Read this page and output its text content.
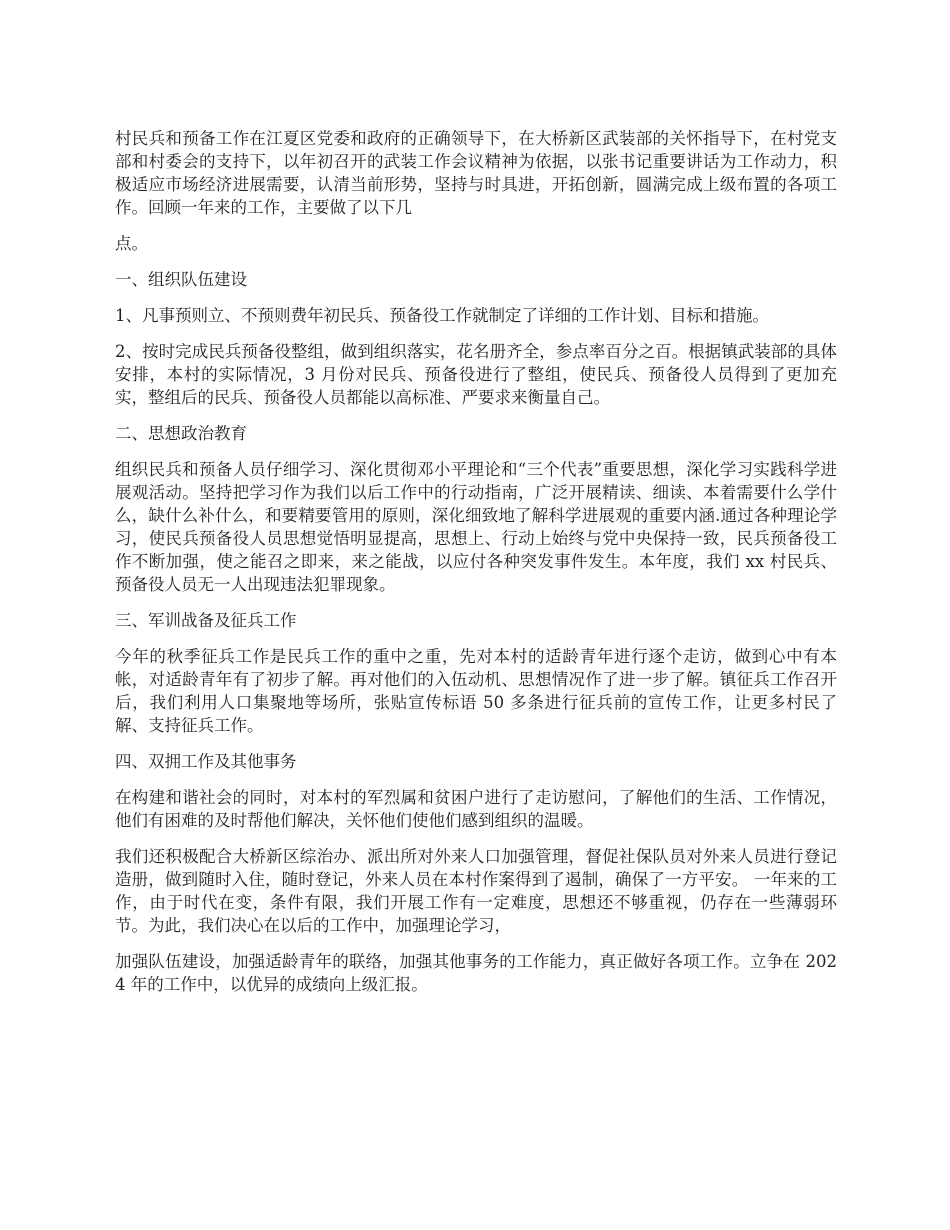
村民兵和预备工作在江夏区党委和政府的正确领导下，在大桥新区武装部的关怀指导下，在村党支部和村委会的支持下，以年初召开的武装工作会议精神为依据，以张书记重要讲话为工作动力，积极适应市场经济进展需要，认清当前形势，坚持与时具进，开拓创新，圆满完成上级布置的各项工作。回顾一年来的工作，主要做了以下几

点。

一、组织队伍建设

1、凡事预则立、不预则费年初民兵、预备役工作就制定了详细的工作计划、目标和措施。

2、按时完成民兵预备役整组，做到组织落实，花名册齐全，参点率百分之百。根据镇武装部的具体安排，本村的实际情况，3 月份对民兵、预备役进行了整组，使民兵、预备役人员得到了更加充实，整组后的民兵、预备役人员都能以高标准、严要求来衡量自己。

二、思想政治教育

组织民兵和预备人员仔细学习、深化贯彻邓小平理论和“三个代表”重要思想，深化学习实践科学进展观活动。坚持把学习作为我们以后工作中的行动指南，广泛开展精读、细读、本着需要什么学什么，缺什么补什么，和要精要管用的原则，深化细致地了解科学进展观的重要内涵.通过各种理论学习，使民兵预备役人员思想觉悟明显提高，思想上、行动上始终与党中央保持一致，民兵预备役工作不断加强，使之能召之即来，来之能战，以应付各种突发事件发生。本年度，我们 xx 村民兵、预备役人员无一人出现违法犯罪现象。

三、军训战备及征兵工作

今年的秋季征兵工作是民兵工作的重中之重，先对本村的适龄青年进行逐个走访，做到心中有本帐，对适龄青年有了初步了解。再对他们的入伍动机、思想情况作了进一步了解。镇征兵工作召开后，我们利用人口集聚地等场所，张贴宣传标语 50 多条进行征兵前的宣传工作，让更多村民了解、支持征兵工作。

四、双拥工作及其他事务

在构建和谐社会的同时，对本村的军烈属和贫困户进行了走访慰问，了解他们的生活、工作情况，他们有困难的及时帮他们解决，关怀他们使他们感到组织的温暖。

我们还积极配合大桥新区综治办、派出所对外来人口加强管理，督促社保队员对外来人员进行登记造册，做到随时入住，随时登记，外来人员在本村作案得到了遏制，确保了一方平安。 一年来的工作，由于时代在变，条件有限，我们开展工作有一定难度，思想还不够重视，仍存在一些薄弱环节。为此，我们决心在以后的工作中，加强理论学习，

加强队伍建设，加强适龄青年的联络，加强其他事务的工作能力，真正做好各项工作。立争在 2024 年的工作中，以优异的成绩向上级汇报。
